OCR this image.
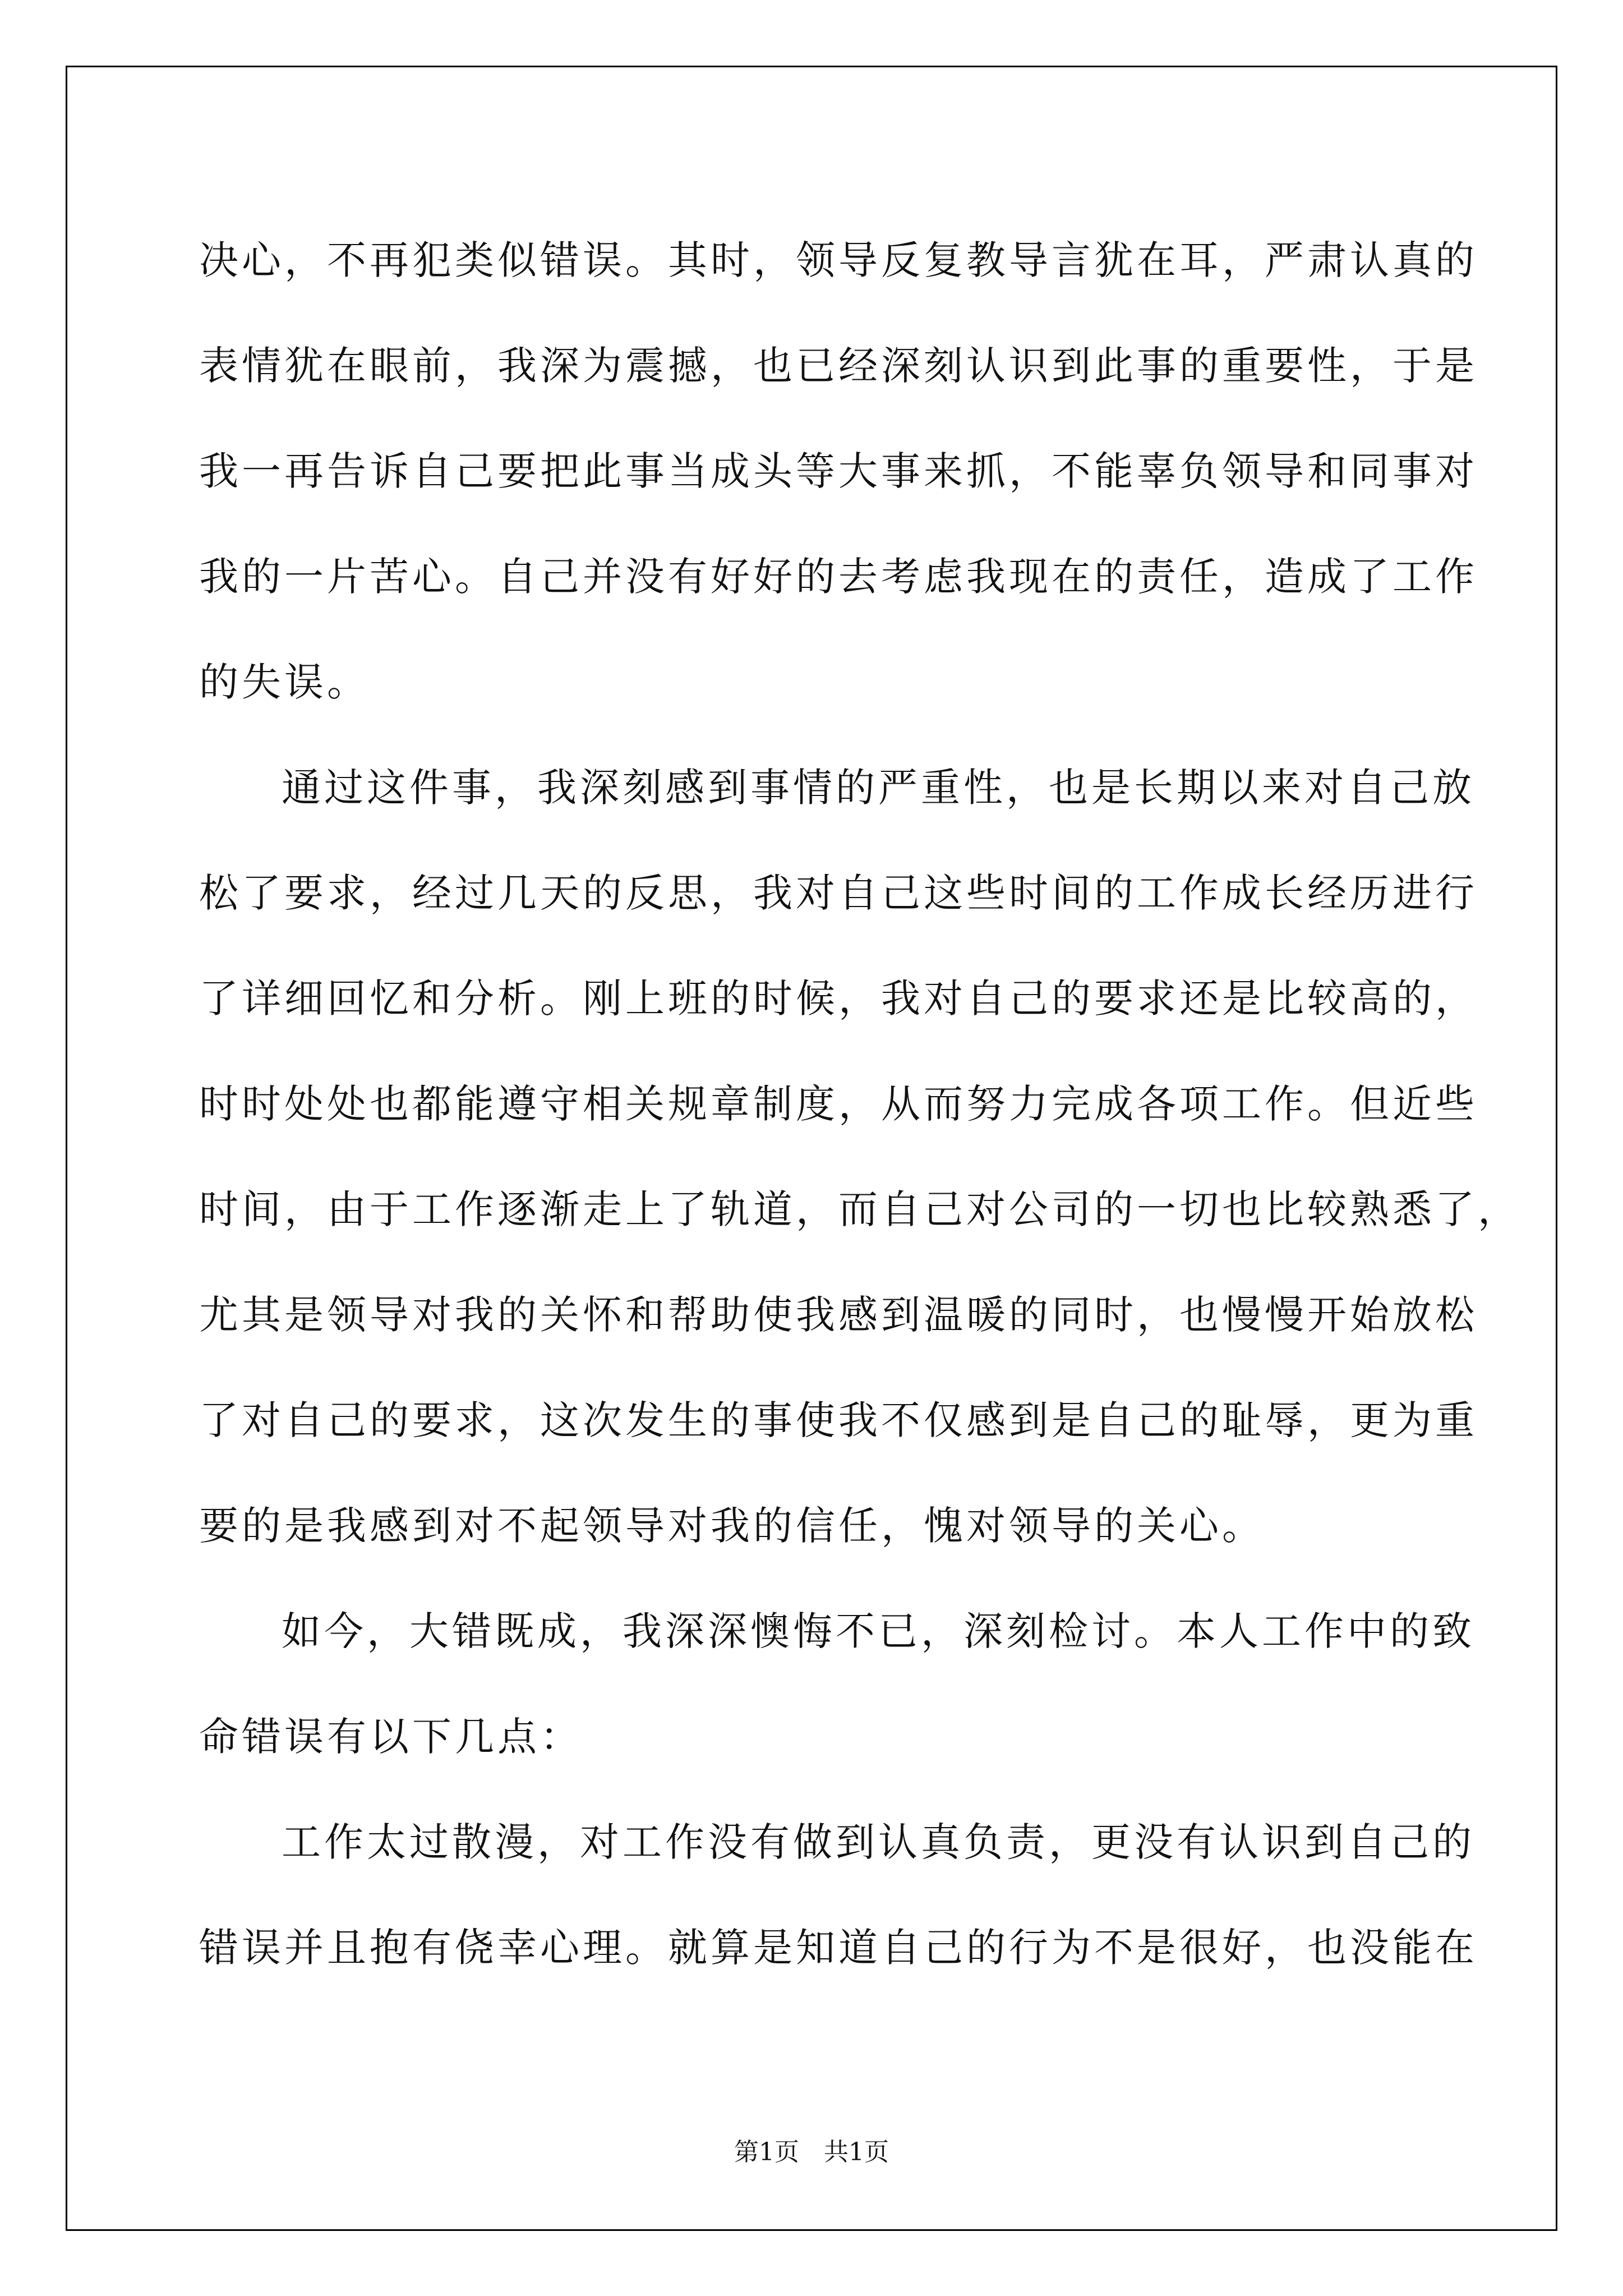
决心，不再犯类似错误。其时，领导反复教导言犹在耳，严肃认真的
表情犹在眼前，我深为震撼，也已经深刻认识到此事的重要性，于是
我一再告诉自己要把此事当成头等大事来抓，不能辜负领导和同事对
我的一片苦心。自己并没有好好的去考虑我现在的责任，造成了工作
的失误。
通过这件事，我深刻感到事情的严重性，也是长期以来对自己放
松了要求，经过几天的反思，我对自己这些时间的工作成长经历进行
了详细回忆和分析。刚上班的时候，我对自己的要求还是比较高的，
时时处处也都能遵守相关规章制度，从而努力完成各项工作。但近些
时间，由于工作逐渐走上了轨道，而自己对公司的一切也比较熟悉了，
尤其是领导对我的关怀和帮助使我感到温暖的同时，也慢慢开始放松
了对自己的要求，这次发生的事使我不仅感到是自己的耻辱，更为重
要的是我感到对不起领导对我的信任，愧对领导的关心。
如今，大错既成，我深深懊悔不已，深刻检讨。本人工作中的致
命错误有以下几点：
工作太过散漫，对工作没有做到认真负责，更没有认识到自己的
错误并且抱有侥幸心理。就算是知道自己的行为不是很好，也没能在
第1页 共1页
